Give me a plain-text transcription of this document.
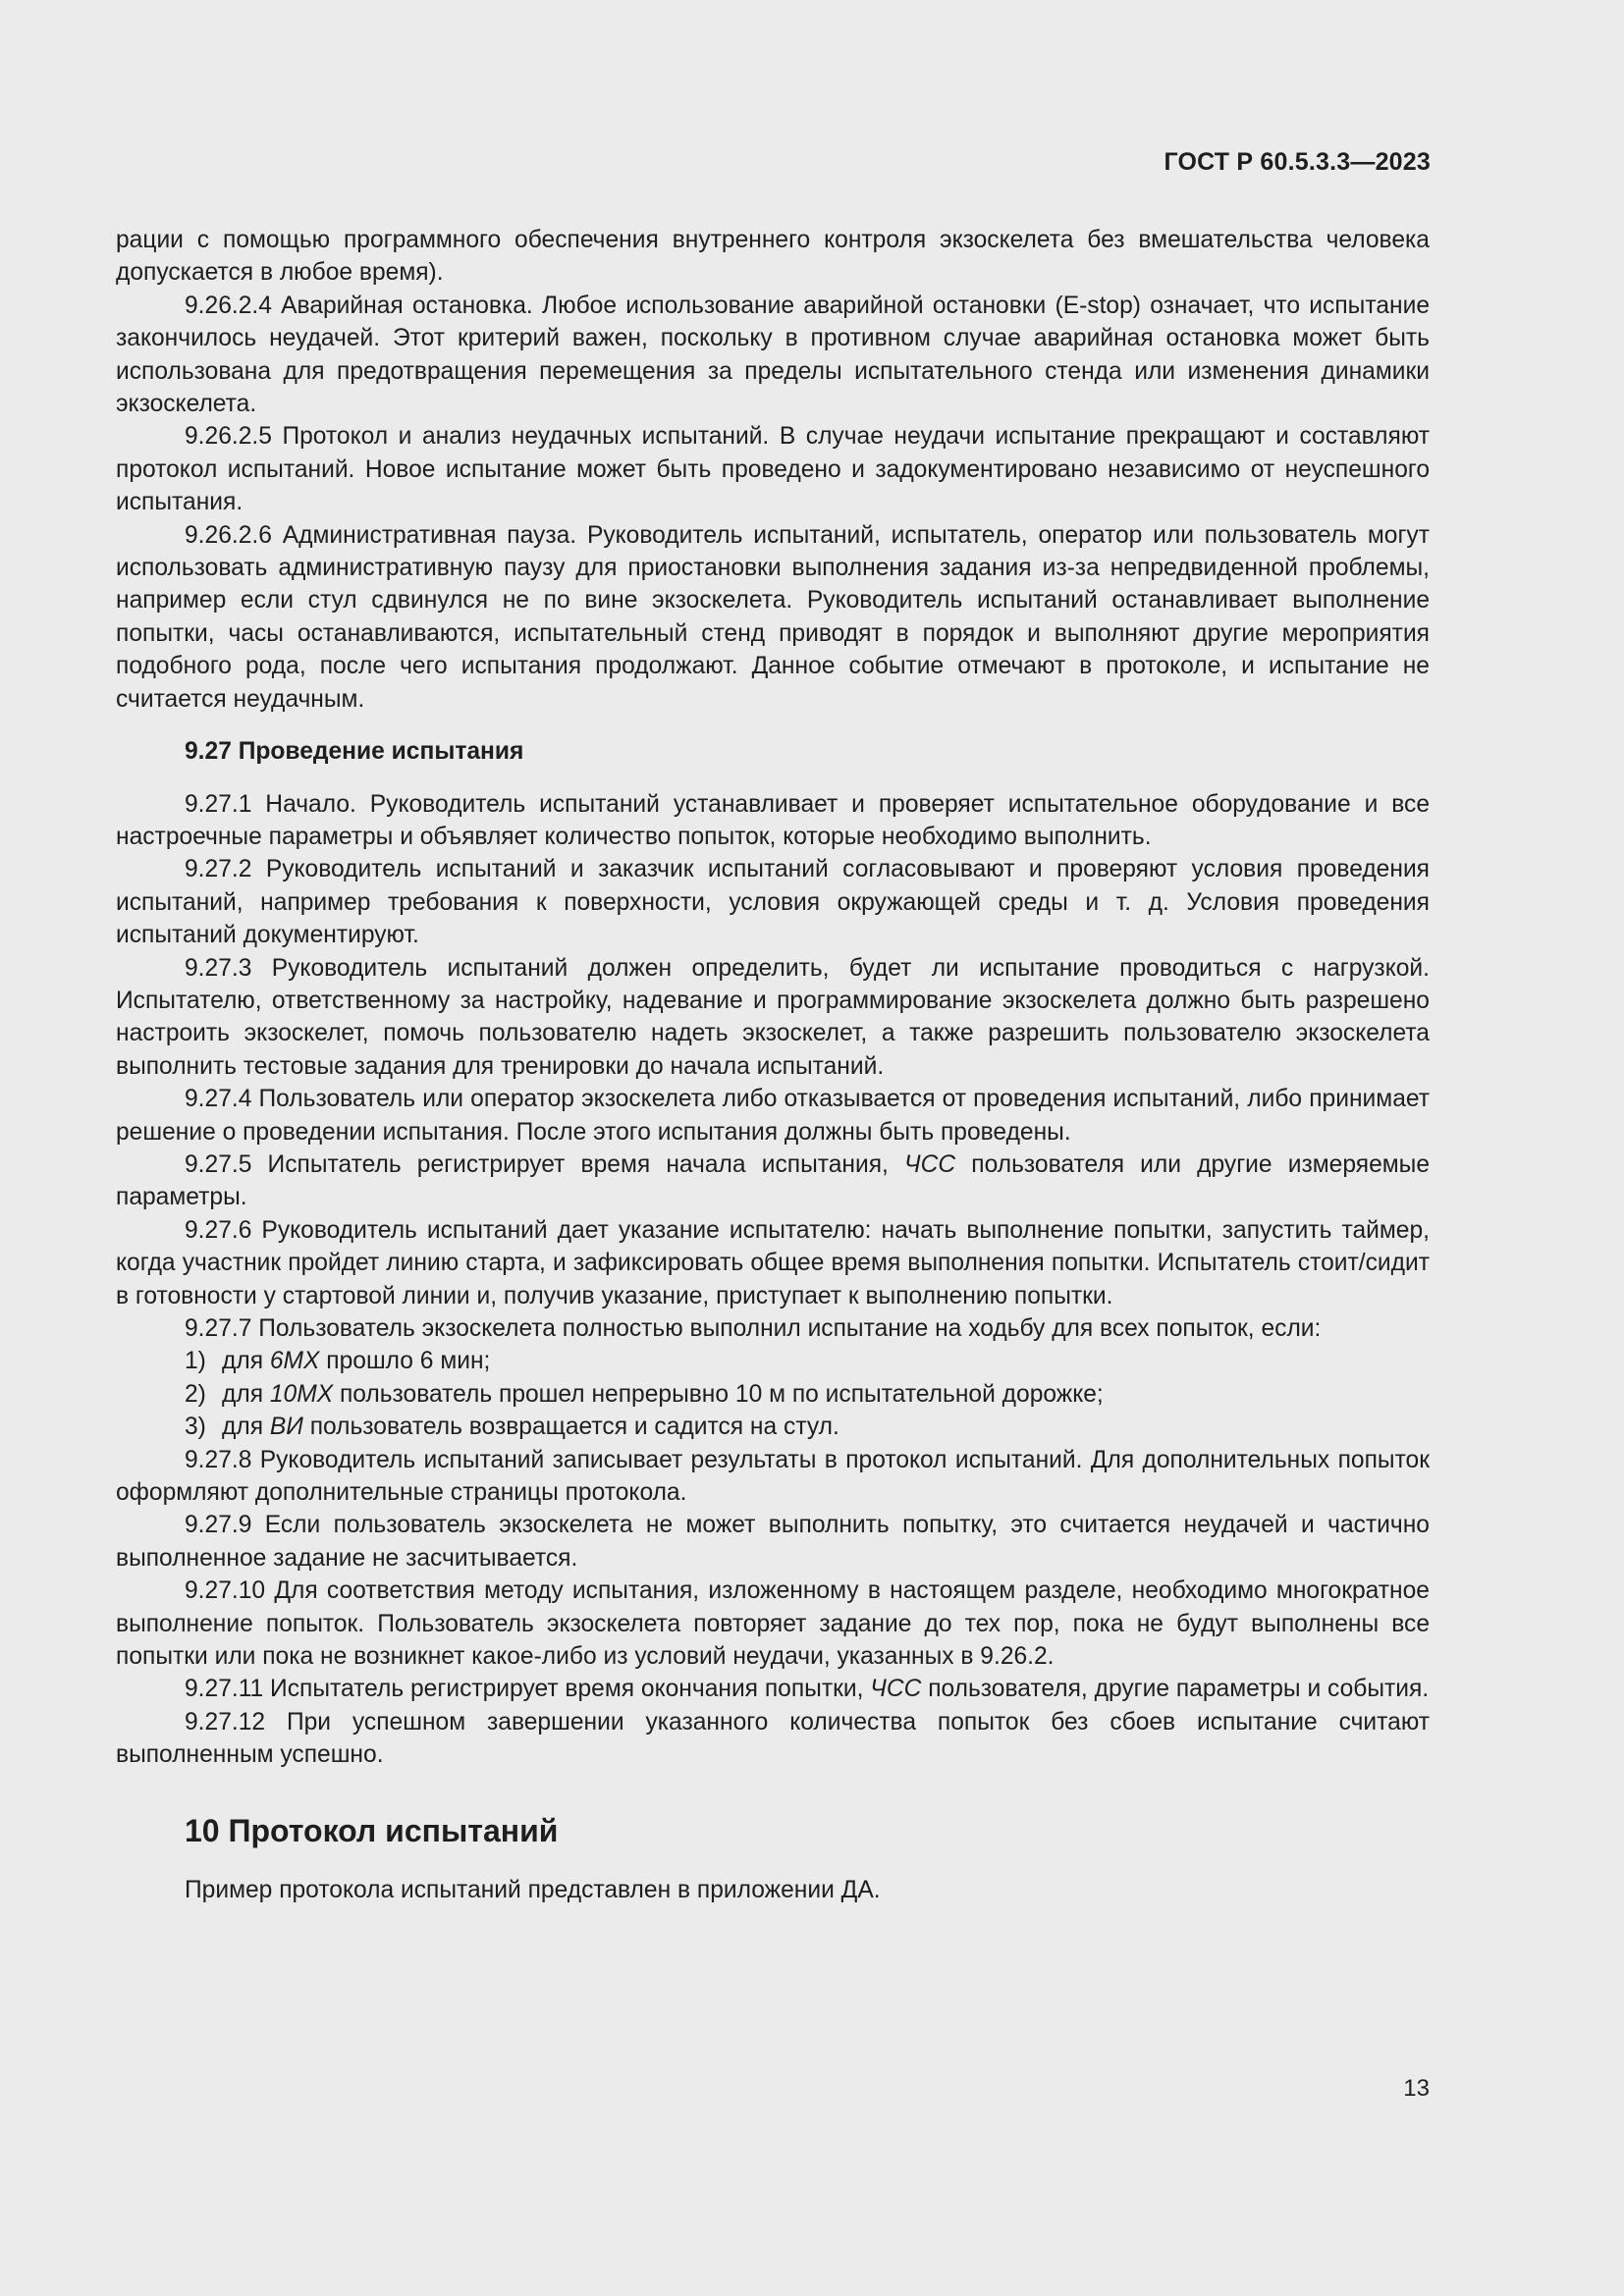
ГОСТ Р 60.5.3.3—2023

рации с помощью программного обеспечения внутреннего контроля экзоскелета без вмешательства человека допускается в любое время).

9.26.2.4 Аварийная остановка. Любое использование аварийной остановки (E-stop) означает, что испытание закончилось неудачей. Этот критерий важен, поскольку в противном случае аварийная остановка может быть использована для предотвращения перемещения за пределы испытательного стенда или изменения динамики экзоскелета.

9.26.2.5 Протокол и анализ неудачных испытаний. В случае неудачи испытание прекращают и составляют протокол испытаний. Новое испытание может быть проведено и задокументировано независимо от неуспешного испытания.

9.26.2.6 Административная пауза. Руководитель испытаний, испытатель, оператор или пользователь могут использовать административную паузу для приостановки выполнения задания из-за непредвиденной проблемы, например если стул сдвинулся не по вине экзоскелета. Руководитель испытаний останавливает выполнение попытки, часы останавливаются, испытательный стенд приводят в порядок и выполняют другие мероприятия подобного рода, после чего испытания продолжают. Данное событие отмечают в протоколе, и испытание не считается неудачным.

9.27 Проведение испытания

9.27.1 Начало. Руководитель испытаний устанавливает и проверяет испытательное оборудование и все настроечные параметры и объявляет количество попыток, которые необходимо выполнить.

9.27.2 Руководитель испытаний и заказчик испытаний согласовывают и проверяют условия проведения испытаний, например требования к поверхности, условия окружающей среды и т. д. Условия проведения испытаний документируют.

9.27.3 Руководитель испытаний должен определить, будет ли испытание проводиться с нагрузкой. Испытателю, ответственному за настройку, надевание и программирование экзоскелета должно быть разрешено настроить экзоскелет, помочь пользователю надеть экзоскелет, а также разрешить пользователю экзоскелета выполнить тестовые задания для тренировки до начала испытаний.

9.27.4 Пользователь или оператор экзоскелета либо отказывается от проведения испытаний, либо принимает решение о проведении испытания. После этого испытания должны быть проведены.

9.27.5 Испытатель регистрирует время начала испытания, ЧСС пользователя или другие измеряемые параметры.

9.27.6 Руководитель испытаний дает указание испытателю: начать выполнение попытки, запустить таймер, когда участник пройдет линию старта, и зафиксировать общее время выполнения попытки. Испытатель стоит/сидит в готовности у стартовой линии и, получив указание, приступает к выполнению попытки.

9.27.7 Пользователь экзоскелета полностью выполнил испытание на ходьбу для всех попыток, если:

1) для 6МХ прошло 6 мин;

2) для 10МХ пользователь прошел непрерывно 10 м по испытательной дорожке;

3) для ВИ пользователь возвращается и садится на стул.

9.27.8 Руководитель испытаний записывает результаты в протокол испытаний. Для дополнительных попыток оформляют дополнительные страницы протокола.

9.27.9 Если пользователь экзоскелета не может выполнить попытку, это считается неудачей и частично выполненное задание не засчитывается.

9.27.10 Для соответствия методу испытания, изложенному в настоящем разделе, необходимо многократное выполнение попыток. Пользователь экзоскелета повторяет задание до тех пор, пока не будут выполнены все попытки или пока не возникнет какое-либо из условий неудачи, указанных в 9.26.2.

9.27.11 Испытатель регистрирует время окончания попытки, ЧСС пользователя, другие параметры и события.

9.27.12 При успешном завершении указанного количества попыток без сбоев испытание считают выполненным успешно.

10 Протокол испытаний

Пример протокола испытаний представлен в приложении ДА.

13
